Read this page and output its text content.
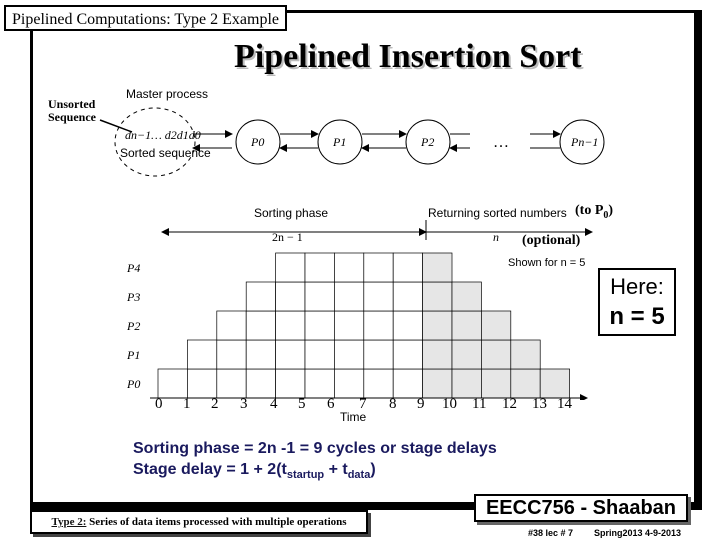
Pipelined Computations: Type 2 Example
Pipelined Insertion Sort
Unsorted Sequence
Master process
dn−1… d2d1d0
Sorted sequence
P0	P1	P2	Pn−1
…
Sorting phase	Returning sorted numbers (to $P_0$)
2n − 1	n (optional)
Shown for n = 5
P4
P3
P2
P1
P0
0 1 2 3 4 5 6 7 8 9 10 11 12 13 14
Time
Here:
n = 5
Sorting phase = 2n -1 = 9 cycles or stage delays
Stage delay = $1 + 2(t_{startup} + t_{data})$
Type 2: Series of data items processed with multiple operations
EECC756 - Shaaban
#38 lec # 7 Spring2013 4-9-2013
